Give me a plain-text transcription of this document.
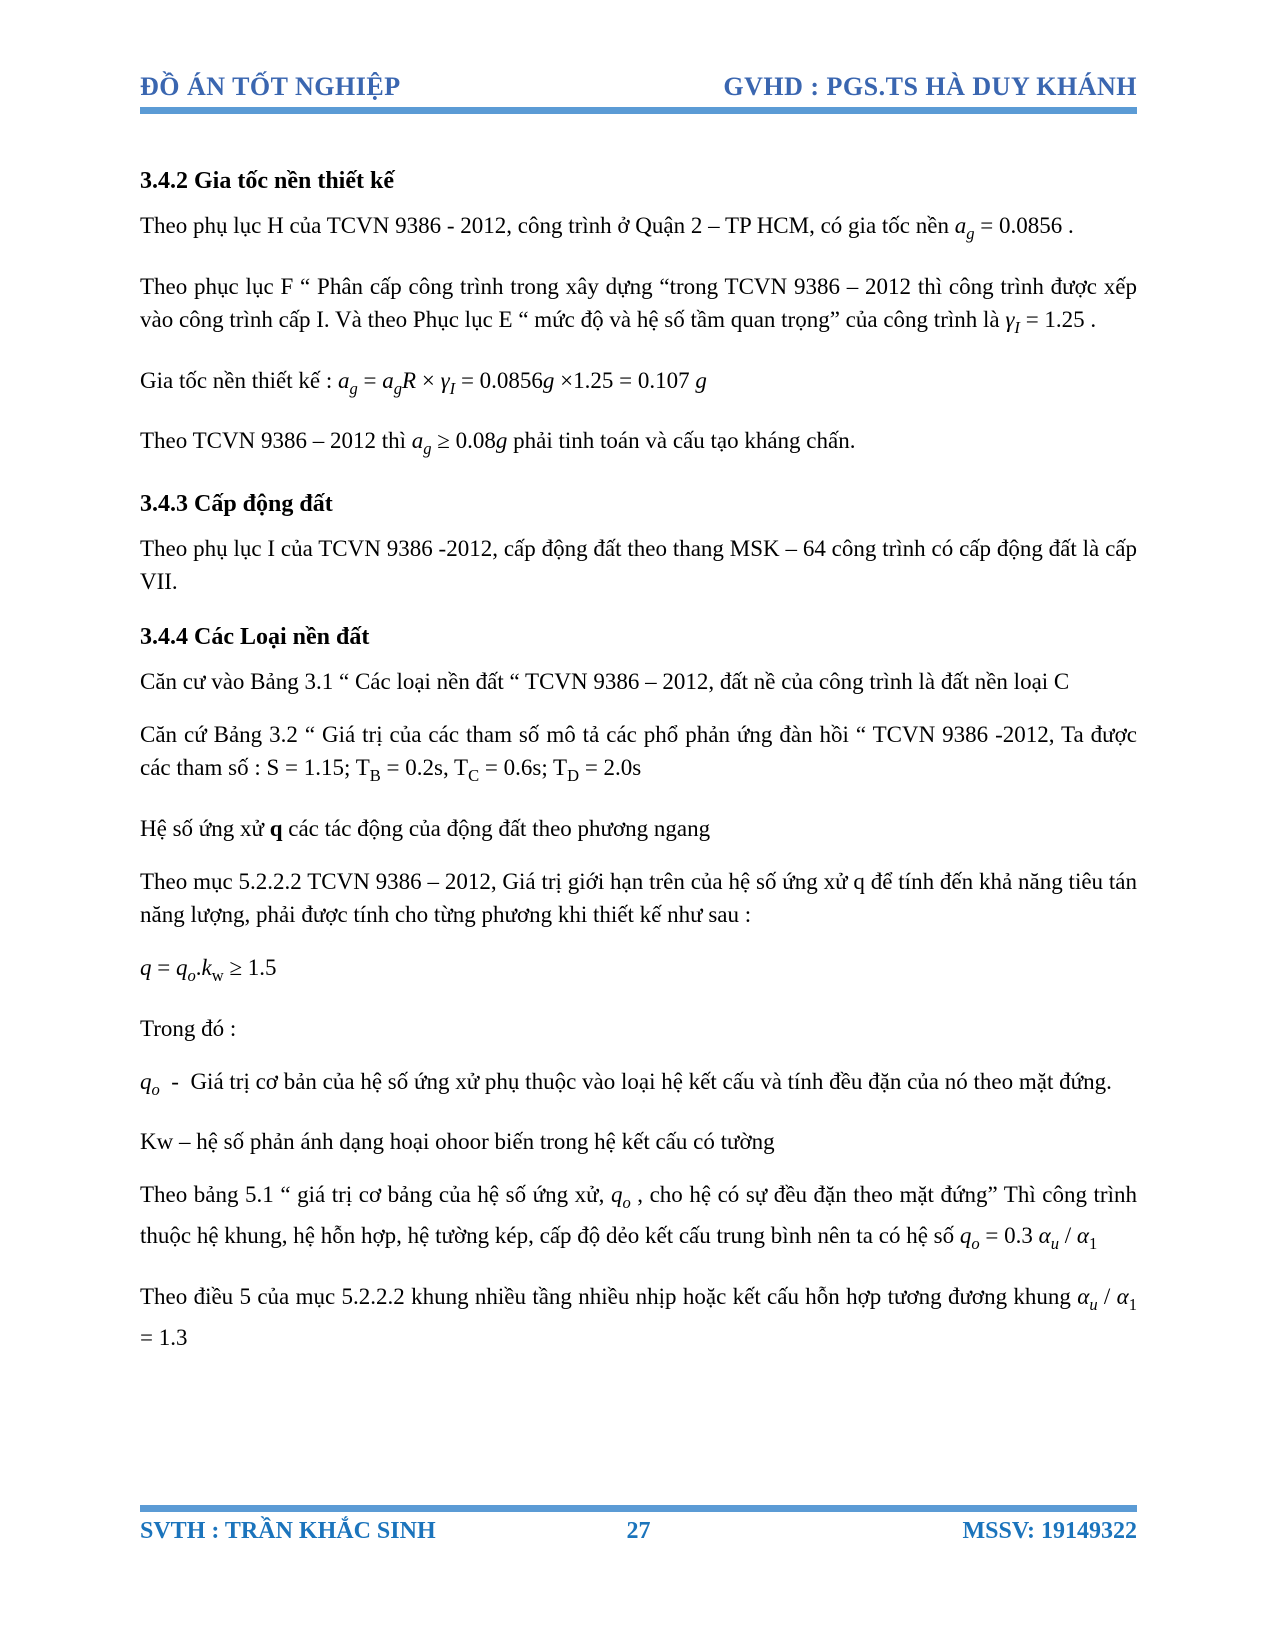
ĐỒ ÁN TỐT NGHIỆP	GVHD : PGS.TS HÀ DUY KHÁNH
3.4.2 Gia tốc nền thiết kế

Theo phụ lục H của TCVN 9386 - 2012, công trình ở Quận 2 – TP HCM, có gia tốc nền $a_g = 0.0856$ .

Theo phục lục F “ Phân cấp công trình trong xây dựng “trong TCVN 9386 – 2012 thì công trình được xếp vào công trình cấp I. Và theo Phục lục E “ mức độ và hệ số tầm quan trọng” của công trình là $\gamma_I = 1.25$ .

Gia tốc nền thiết kế : $a_g = a_gR \times \gamma_I = 0.0856g \times 1.25 = 0.107$ g

Theo TCVN 9386 – 2012 thì $a_g \ge 0.08g$ phải tinh toán và cấu tạo kháng chấn.

3.4.3 Cấp động đất

Theo phụ lục I của TCVN 9386 -2012, cấp động đất theo thang MSK – 64 công trình có cấp động đất là cấp VII.

3.4.4 Các Loại nền đất

Căn cư vào Bảng 3.1 “ Các loại nền đất “ TCVN 9386 – 2012, đất nề của công trình là đất nền loại C

Căn cứ Bảng 3.2 “ Giá trị của các tham số mô tả các phổ phản ứng đàn hồi “ TCVN 9386 -2012, Ta được các tham số : S = 1.15; $T_B = 0.2s$, $T_C = 0.6s$; $T_D = 2.0s$

Hệ số ứng xử q các tác động của động đất theo phương ngang

Theo mục 5.2.2.2 TCVN 9386 – 2012, Giá trị giới hạn trên của hệ số ứng xử q để tính đến khả năng tiêu tán năng lượng, phải được tính cho từng phương khi thiết kế như sau :

$q = q_o.k_w \ge 1.5$

Trong đó :

$q_o$  -  Giá trị cơ bản của hệ số ứng xử phụ thuộc vào loại hệ kết cấu và tính đều đặn của nó theo mặt đứng.

Kw – hệ số phản ánh dạng hoại ohoor biến trong hệ kết cấu có tường

Theo bảng 5.1 “ giá trị cơ bảng của hệ số ứng xử, $q_o$ , cho hệ có sự đều đặn theo mặt đứng” Thì công trình thuộc hệ khung, hệ hỗn hợp, hệ tường kép, cấp độ dẻo kết cấu trung bình nên ta có hệ số $q_o = 0.3$ $\alpha_u / \alpha_1$

Theo điều 5 của mục 5.2.2.2 khung nhiều tầng nhiều nhịp hoặc kết cấu hỗn hợp tương đương khung $\alpha_u / \alpha_1 = 1.3$

SVTH : TRẦN KHẮC SINH	27	MSSV: 19149322
